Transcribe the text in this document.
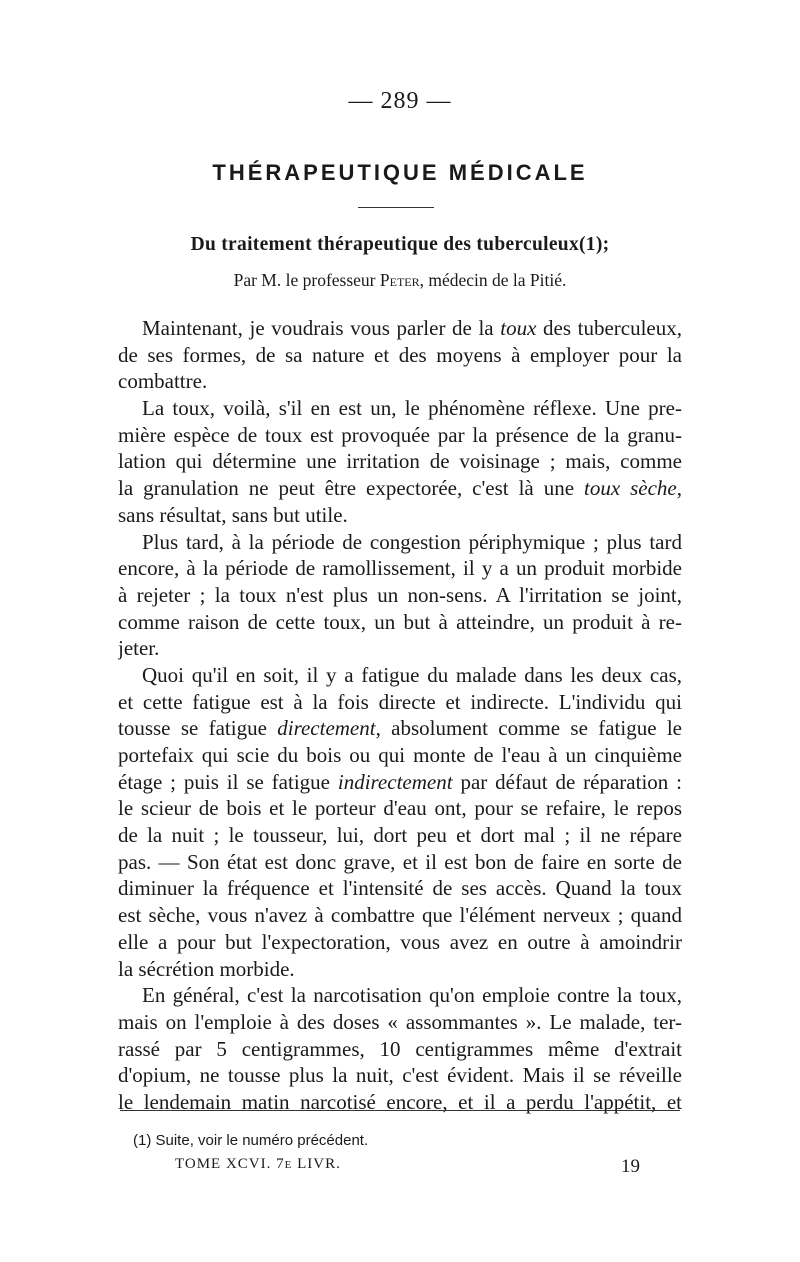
— 289 —
THÉRAPEUTIQUE MÉDICALE
Du traitement thérapeutique des tuberculeux(1);
Par M. le professeur Peter, médecin de la Pitié.
Maintenant, je voudrais vous parler de la toux des tuberculeux,
de ses formes, de sa nature et des moyens à employer pour la
combattre.
La toux, voilà, s'il en est un, le phénomène réflexe. Une pre-
mière espèce de toux est provoquée par la présence de la granu-
lation qui détermine une irritation de voisinage ; mais, comme
la granulation ne peut être expectorée, c'est là une toux sèche,
sans résultat, sans but utile.
Plus tard, à la période de congestion périphymique ; plus tard
encore, à la période de ramollissement, il y a un produit morbide
à rejeter ; la toux n'est plus un non-sens. A l'irritation se joint,
comme raison de cette toux, un but à atteindre, un produit à re-
jeter.
Quoi qu'il en soit, il y a fatigue du malade dans les deux cas,
et cette fatigue est à la fois directe et indirecte. L'individu qui
tousse se fatigue directement, absolument comme se fatigue le
portefaix qui scie du bois ou qui monte de l'eau à un cinquième
étage ; puis il se fatigue indirectement par défaut de réparation :
le scieur de bois et le porteur d'eau ont, pour se refaire, le repos
de la nuit ; le tousseur, lui, dort peu et dort mal ; il ne répare
pas. — Son état est donc grave, et il est bon de faire en sorte de
diminuer la fréquence et l'intensité de ses accès. Quand la toux
est sèche, vous n'avez à combattre que l'élément nerveux ; quand
elle a pour but l'expectoration, vous avez en outre à amoindrir
la sécrétion morbide.
En général, c'est la narcotisation qu'on emploie contre la toux,
mais on l'emploie à des doses « assommantes ». Le malade, ter-
rassé par 5 centigrammes, 10 centigrammes même d'extrait
d'opium, ne tousse plus la nuit, c'est évident. Mais il se réveille
le lendemain matin narcotisé encore, et il a perdu l'appétit, et
(1) Suite, voir le numéro précédent.
TOME XCVI. 7e LIVR.	19
